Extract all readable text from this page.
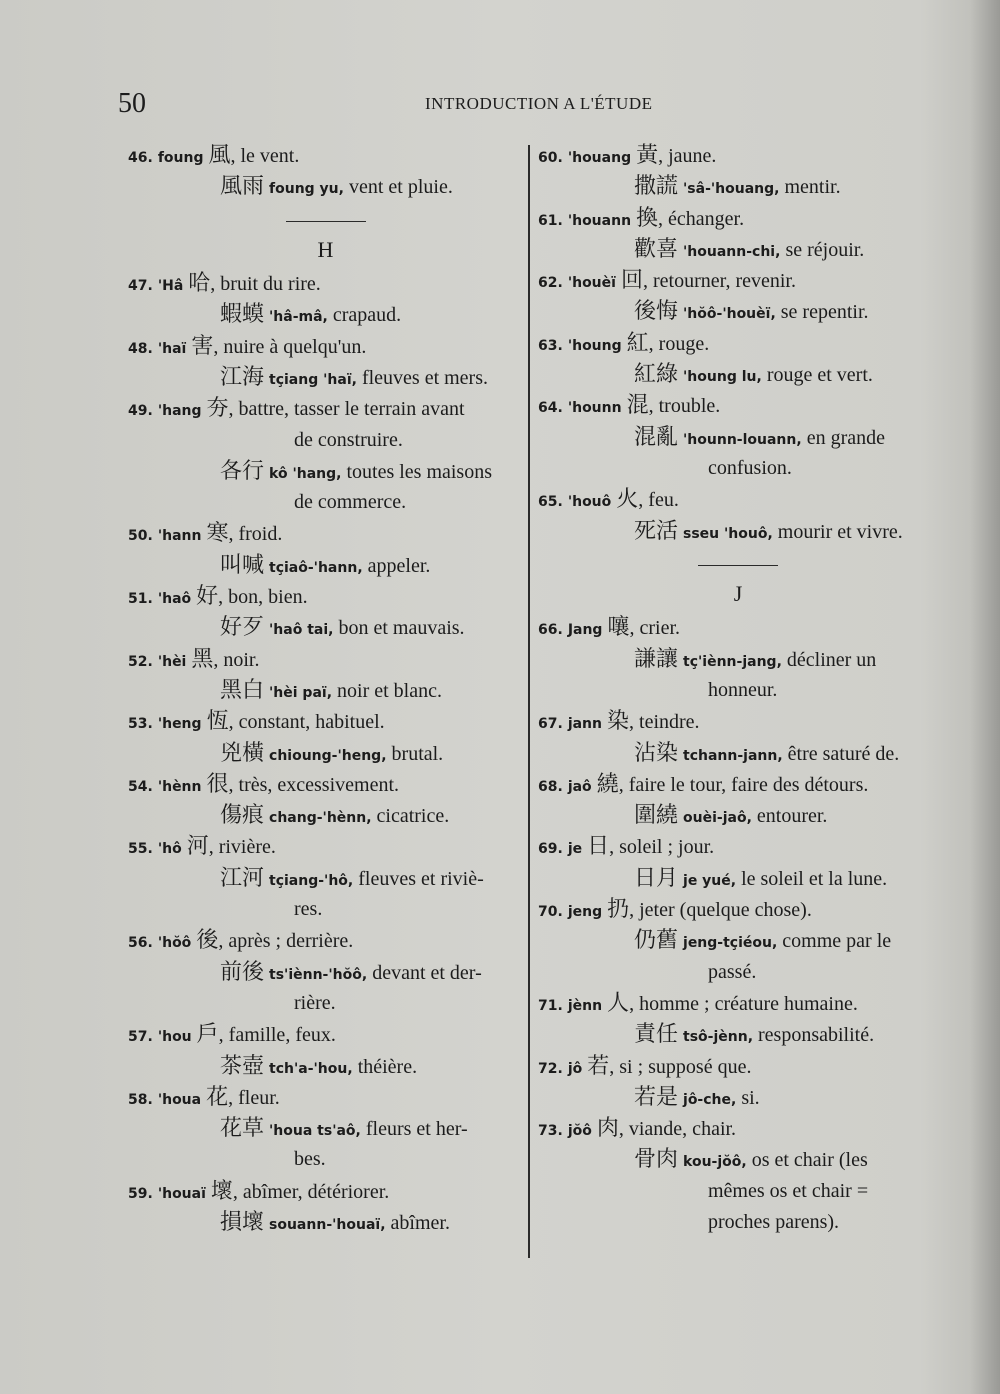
50	INTRODUCTION A L'ÉTUDE
46. foung 風, le vent.
風雨 foung yu, vent et pluie.
H
47. 'Hâ 哈, bruit du rire.
蝦蟆 'hâ-mâ, crapaud.
48. 'haï 害, nuire à quelqu'un.
江海 tçiang 'haï, fleuves et mers.
49. 'hang 夯, battre, tasser le terrain avant
de construire.
各行 kô 'hang, toutes les maisons
de commerce.
50. 'hann 寒, froid.
叫喊 tçiaô-'hann, appeler.
51. 'haô 好, bon, bien.
好歹 'haô tai, bon et mauvais.
52. 'hèi 黑, noir.
黑白 'hèi paï, noir et blanc.
53. 'heng 恆, constant, habituel.
兇橫 chioung-'heng, brutal.
54. 'hènn 很, très, excessivement.
傷痕 chang-'hènn, cicatrice.
55. 'hô 河, rivière.
江河 tçiang-'hô, fleuves et riviè-
res.
56. 'hŏô 後, après ; derrière.
前後 ts'iènn-'hŏô, devant et der-
rière.
57. 'hou 戶, famille, feux.
茶壺 tch'a-'hou, théière.
58. 'houa 花, fleur.
花草 'houa ts'aô, fleurs et her-
bes.
59. 'houaï 壞, abîmer, détériorer.
損壞 souann-'houaï, abîmer.
60. 'houang 黃, jaune.
撒謊 'sâ-'houang, mentir.
61. 'houann 換, échanger.
歡喜 'houann-chi, se réjouir.
62. 'houèï 回, retourner, revenir.
後悔 'hŏô-'houèï, se repentir.
63. 'houng 紅, rouge.
紅綠 'houng lu, rouge et vert.
64. 'hounn 混, trouble.
混亂 'hounn-louann, en grande
confusion.
65. 'houô 火, feu.
死活 sseu 'houô, mourir et vivre.
J
66. Jang 嚷, crier.
謙讓 tç'iènn-jang, décliner un
honneur.
67. jann 染, teindre.
沾染 tchann-jann, être saturé de.
68. jaô 繞, faire le tour, faire des détours.
圍繞 ouèi-jaô, entourer.
69. je 日, soleil ; jour.
日月 je yué, le soleil et la lune.
70. jeng 扔, jeter (quelque chose).
仍舊 jeng-tçiéou, comme par le
passé.
71. jènn 人, homme ; créature humaine.
責任 tsô-jènn, responsabilité.
72. jô 若, si ; supposé que.
若是 jô-che, si.
73. jŏô 肉, viande, chair.
骨肉 kou-jŏô, os et chair (les
mêmes os et chair =
proches parens).
